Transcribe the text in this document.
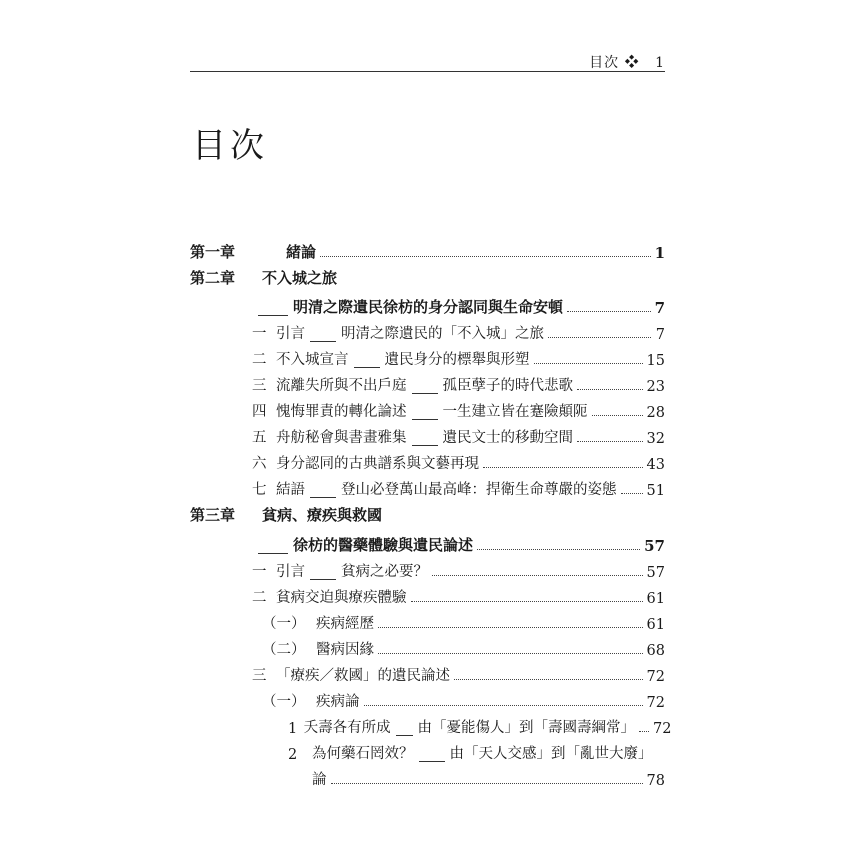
目次 ❖ 1
目次
第一章	緒論	1
第二章	不入城之旅
明清之際遺民徐枋的身分認同與生命安頓	7
一 引言 明清之際遺民的「不入城」之旅	7
二 不入城宣言 遺民身分的標舉與形塑	15
三 流離失所與不出戶庭 孤臣孽子的時代悲歌	23
四 愧悔罪責的轉化論述 一生建立皆在蹇險顛阨	28
五 舟舫秘會與書畫雅集 遺民文士的移動空間	32
六 身分認同的古典譜系與文藝再現	43
七 結語 登山必登萬山最高峰：捍衛生命尊嚴的姿態 51
第三章	貧病、療疾與救國
徐枋的醫藥體驗與遺民論述	57
一 引言 貧病之必要？	57
二 貧病交迫與療疾體驗	61
（一） 疾病經歷	61
（二） 醫病因緣	68
三 「療疾／救國」的遺民論述	72
（一） 疾病論	72
1 夭壽各有所成 由「憂能傷人」到「壽國壽綱常」 72
2	為何藥石罔效？ 由「天人交感」到「亂世大廢」
論	78
